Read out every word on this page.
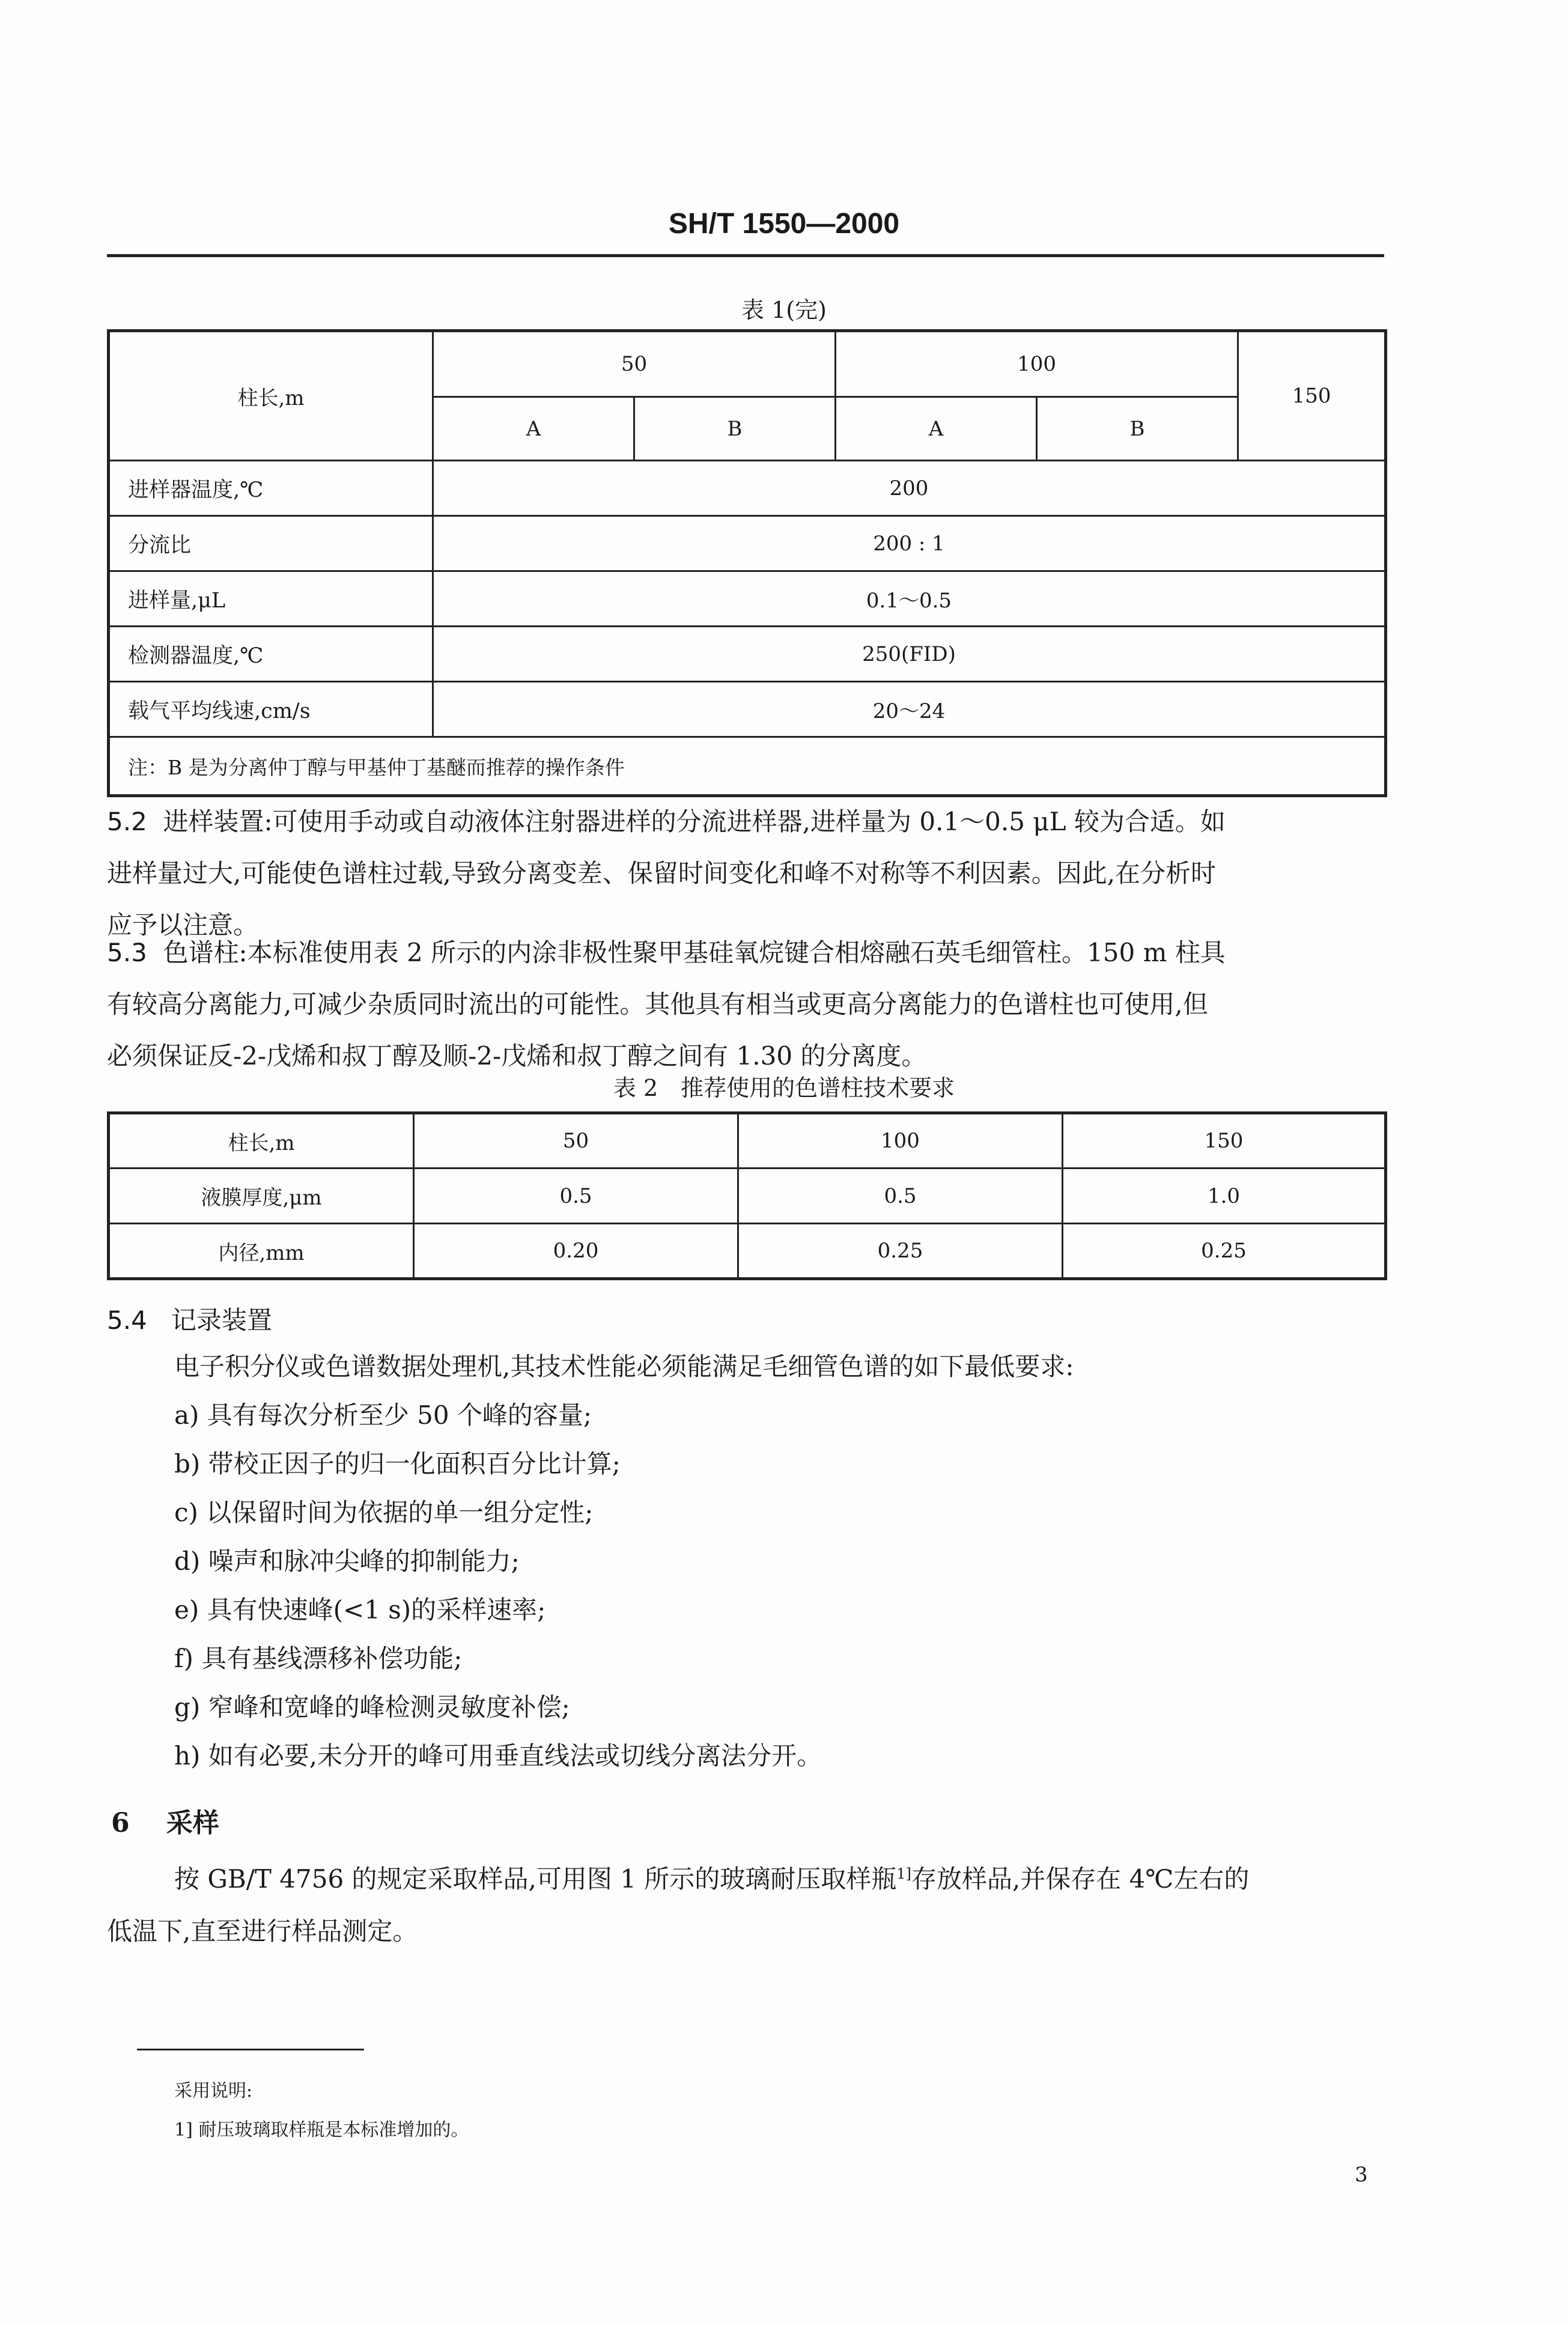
SH/T 1550—2000
表 1(完)
柱长,m	50		100		150
	A	B	A	B	
进样器温度,℃	200				
分流比	200 : 1				
进样量,μL	0.1～0.5				
检测器温度,℃	250(FID)				
载气平均线速,cm/s	20～24				
注：B 是为分离仲丁醇与甲基仲丁基醚而推荐的操作条件					
5.2 进样装置:可使用手动或自动液体注射器进样的分流进样器,进样量为 0.1～0.5 μL 较为合适。如
进样量过大,可能使色谱柱过载,导致分离变差、保留时间变化和峰不对称等不利因素。因此,在分析时
应予以注意。
5.3 色谱柱:本标准使用表 2 所示的内涂非极性聚甲基硅氧烷键合相熔融石英毛细管柱。150 m 柱具
有较高分离能力,可减少杂质同时流出的可能性。其他具有相当或更高分离能力的色谱柱也可使用,但
必须保证反-2-戊烯和叔丁醇及顺-2-戊烯和叔丁醇之间有 1.30 的分离度。
表 2　推荐使用的色谱柱技术要求
柱长,m	50	100	150
液膜厚度,μm	0.5	0.5	1.0
内径,mm	0.20	0.25	0.25
5.4 记录装置
电子积分仪或色谱数据处理机,其技术性能必须能满足毛细管色谱的如下最低要求:
a) 具有每次分析至少 50 个峰的容量;
b) 带校正因子的归一化面积百分比计算;
c) 以保留时间为依据的单一组分定性;
d) 噪声和脉冲尖峰的抑制能力;
e) 具有快速峰(<1 s)的采样速率;
f) 具有基线漂移补偿功能;
g) 窄峰和宽峰的峰检测灵敏度补偿;
h) 如有必要,未分开的峰可用垂直线法或切线分离法分开。
6 采样
按 GB/T 4756 的规定采取样品,可用图 1 所示的玻璃耐压取样瓶$^{1]}$存放样品,并保存在 4℃左右的
低温下,直至进行样品测定。
采用说明:
1] 耐压玻璃取样瓶是本标准增加的。
3
